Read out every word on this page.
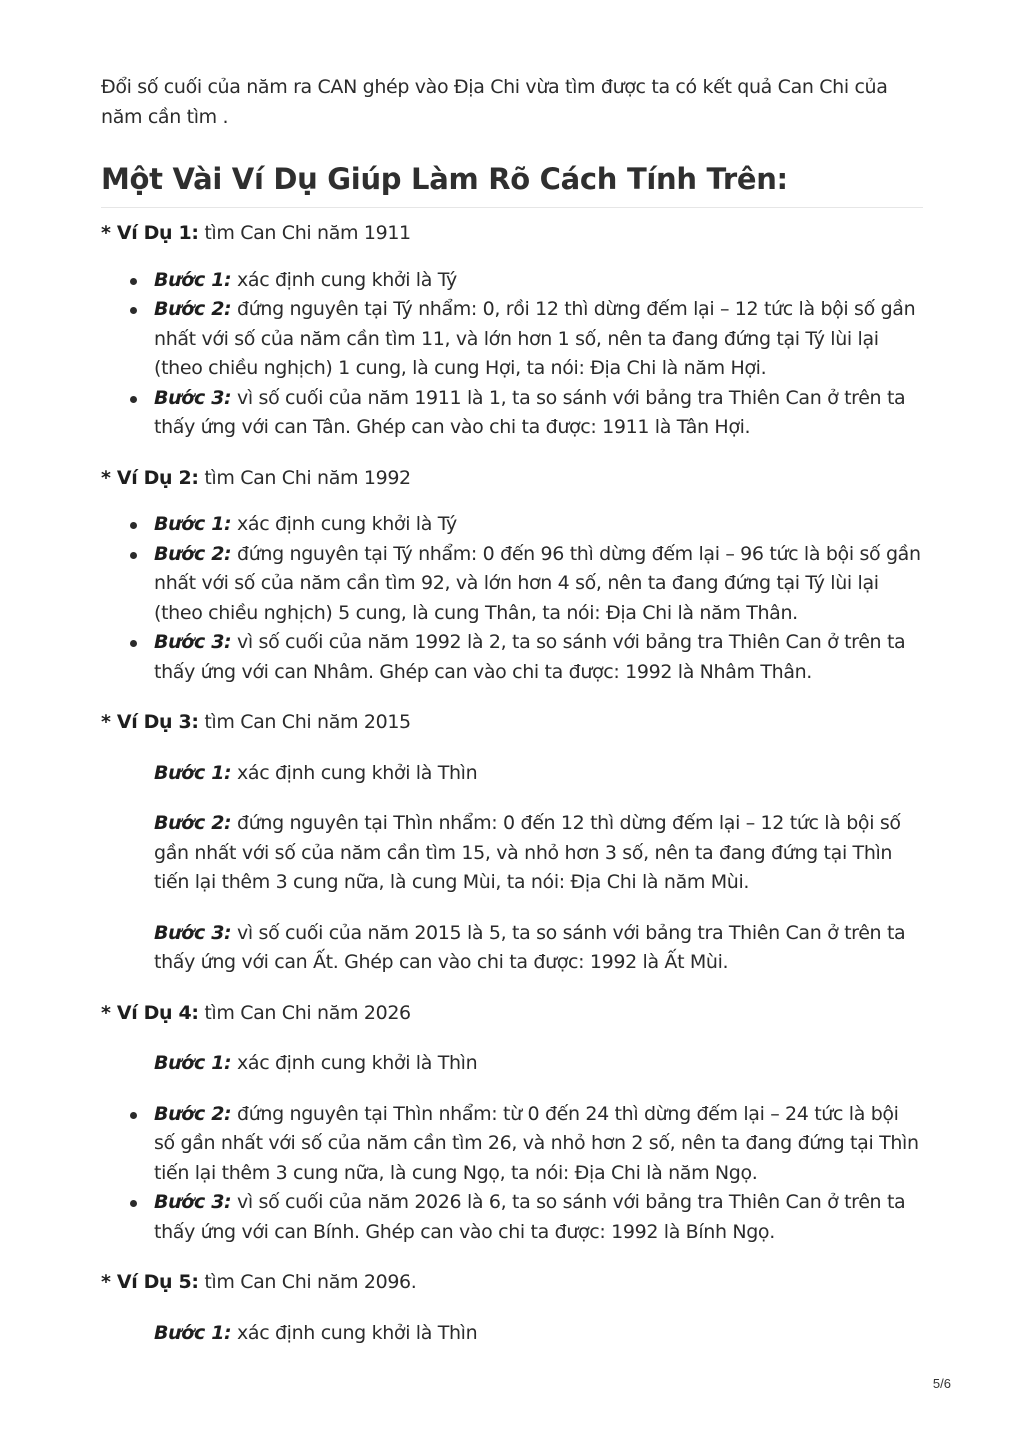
Đổi số cuối của năm ra CAN ghép vào Địa Chi vừa tìm được ta có kết quả Can Chi của năm cần tìm .

Một Vài Ví Dụ Giúp Làm Rõ Cách Tính Trên:

* Ví Dụ 1: tìm Can Chi năm 1911

Bước 1: xác định cung khởi là Tý
Bước 2: đứng nguyên tại Tý nhẩm: 0, rồi 12 thì dừng đếm lại – 12 tức là bội số gần nhất với số của năm cần tìm 11, và lớn hơn 1 số, nên ta đang đứng tại Tý lùi lại (theo chiều nghịch) 1 cung, là cung Hợi, ta nói: Địa Chi là năm Hợi.
Bước 3: vì số cuối của năm 1911 là 1, ta so sánh với bảng tra Thiên Can ở trên ta thấy ứng với can Tân. Ghép can vào chi ta được: 1911 là Tân Hợi.

* Ví Dụ 2: tìm Can Chi năm 1992

Bước 1: xác định cung khởi là Tý
Bước 2: đứng nguyên tại Tý nhẩm: 0 đến 96 thì dừng đếm lại – 96 tức là bội số gần nhất với số của năm cần tìm 92, và lớn hơn 4 số, nên ta đang đứng tại Tý lùi lại (theo chiều nghịch) 5 cung, là cung Thân, ta nói: Địa Chi là năm Thân.
Bước 3: vì số cuối của năm 1992 là 2, ta so sánh với bảng tra Thiên Can ở trên ta thấy ứng với can Nhâm. Ghép can vào chi ta được: 1992 là Nhâm Thân.

* Ví Dụ 3: tìm Can Chi năm 2015

Bước 1: xác định cung khởi là Thìn

Bước 2: đứng nguyên tại Thìn nhẩm: 0 đến 12 thì dừng đếm lại – 12 tức là bội số gần nhất với số của năm cần tìm 15, và nhỏ hơn 3 số, nên ta đang đứng tại Thìn tiến lại thêm 3 cung nữa, là cung Mùi, ta nói: Địa Chi là năm Mùi.

Bước 3: vì số cuối của năm 2015 là 5, ta so sánh với bảng tra Thiên Can ở trên ta thấy ứng với can Ất. Ghép can vào chi ta được: 1992 là Ất Mùi.

* Ví Dụ 4: tìm Can Chi năm 2026

Bước 1: xác định cung khởi là Thìn

Bước 2: đứng nguyên tại Thìn nhẩm: từ 0 đến 24 thì dừng đếm lại – 24 tức là bội số gần nhất với số của năm cần tìm 26, và nhỏ hơn 2 số, nên ta đang đứng tại Thìn tiến lại thêm 3 cung nữa, là cung Ngọ, ta nói: Địa Chi là năm Ngọ.
Bước 3: vì số cuối của năm 2026 là 6, ta so sánh với bảng tra Thiên Can ở trên ta thấy ứng với can Bính. Ghép can vào chi ta được: 1992 là Bính Ngọ.

* Ví Dụ 5: tìm Can Chi năm 2096.

Bước 1: xác định cung khởi là Thìn

5/6
